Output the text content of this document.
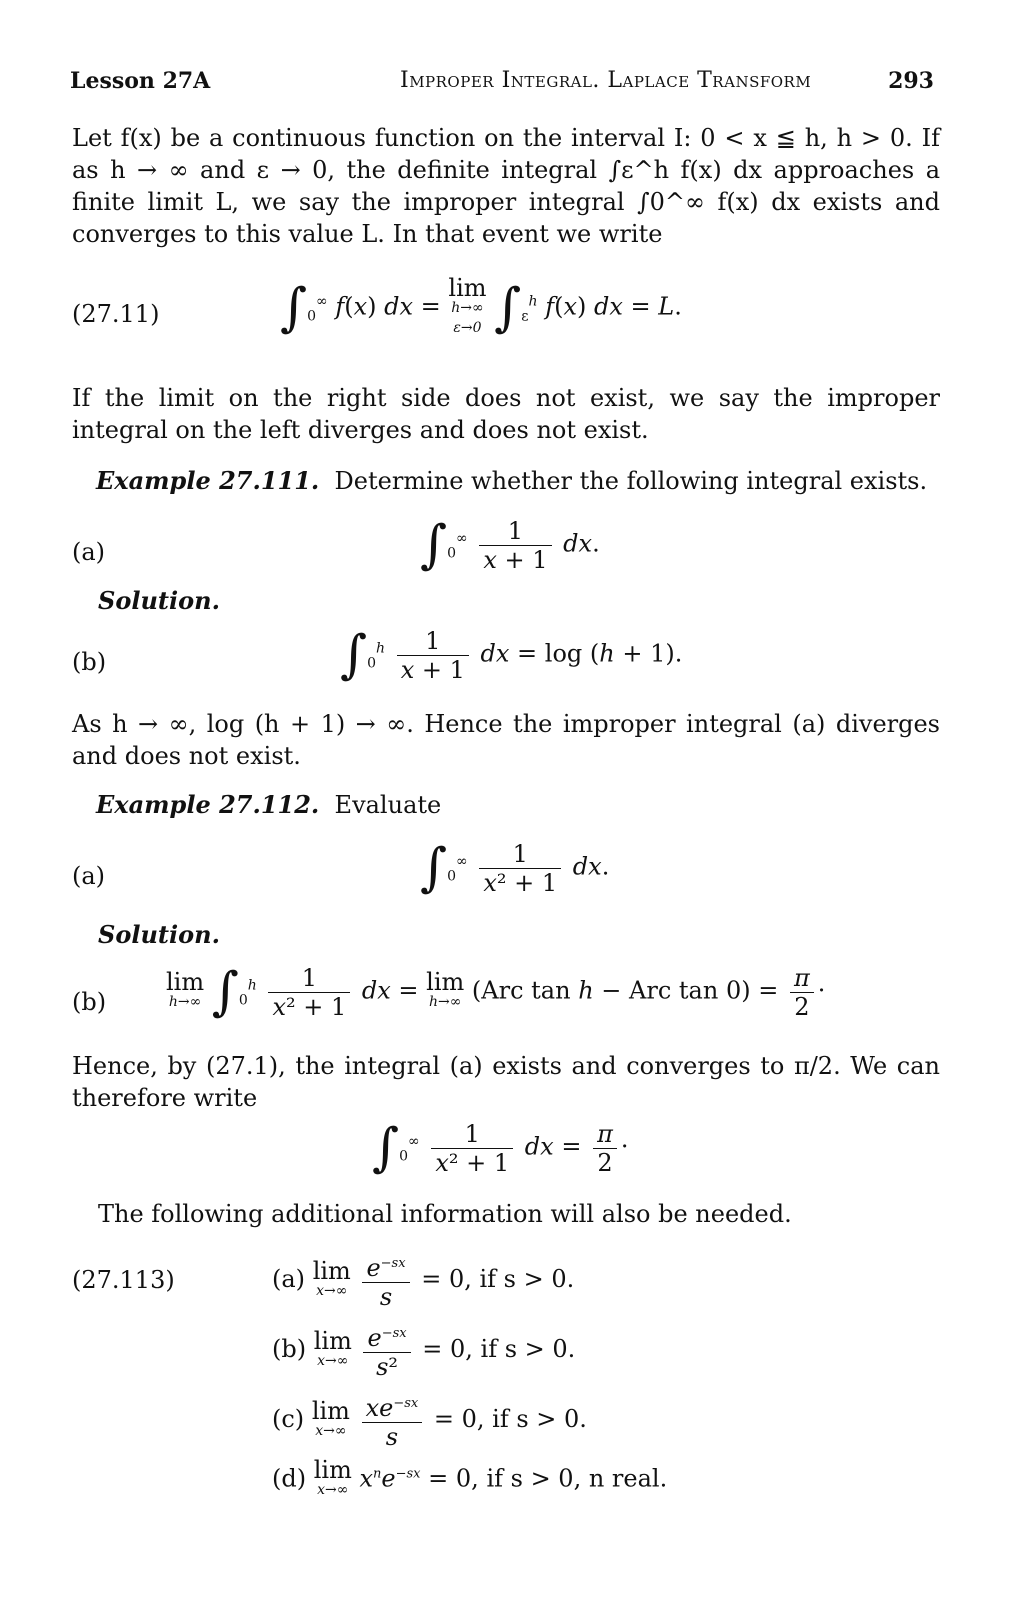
Lesson 27A	Improper Integral. Laplace Transform	293
Let f(x) be a continuous function on the interval I: 0 < x ≦ h, h > 0. If as h → ∞ and ε → 0, the definite integral ∫ε^h f(x) dx approaches a finite limit L, we say the improper integral ∫0^∞ f(x) dx exists and converges to this value L. In that event we write
(27.11) $\int_0^\infty$ f(x) dx = lim
h→∞
ε→0 $\int_\varepsilon^h$ f(x) dx = L.
If the limit on the right side does not exist, we say the improper integral on the left diverges and does not exist.
Example 27.111. Determine whether the following integral exists.
(a)	$\int_0^\infty \frac{1}{x + 1}$ dx.
Solution.
(b)	$\int_0^h \frac{1}{x + 1}$ dx = log (h + 1).
As h → ∞, log (h + 1) → ∞. Hence the improper integral (a) diverges and does not exist.
Example 27.112. Evaluate
(a)	$\int_0^\infty \frac{1}{\text{x² + 1}}$ dx.
Solution.
(b)
lim
h→∞ $\int_0^h \frac{1}{\text{x² + 1}}$ dx = lim
h→∞ (Arc tan h − Arc $\tan 0) = \frac{\pi}{2}$ ·
Hence, by (27.1), the integral (a) exists and converges to π/2. We can therefore write
$\int_0^\infty \frac{1}{\text{x² + 1}}$ dx = $\frac{\pi}{2}$ ·
The following additional information will also be needed.
(27.113)	(a) lim
x→∞
$\frac{e^{-sx}}{s} = 0$, if s > 0.
(b) lim
x→∞
$\frac{e^{-sx}}{\text{s²}} = 0$, if s > 0.
(c) lim
x→∞
$\frac{xe^{-sx}}{s} = 0$, if s > 0.
(d) lim
x→∞ $x^ne^{-sx} = 0$, if s > 0, n real.
